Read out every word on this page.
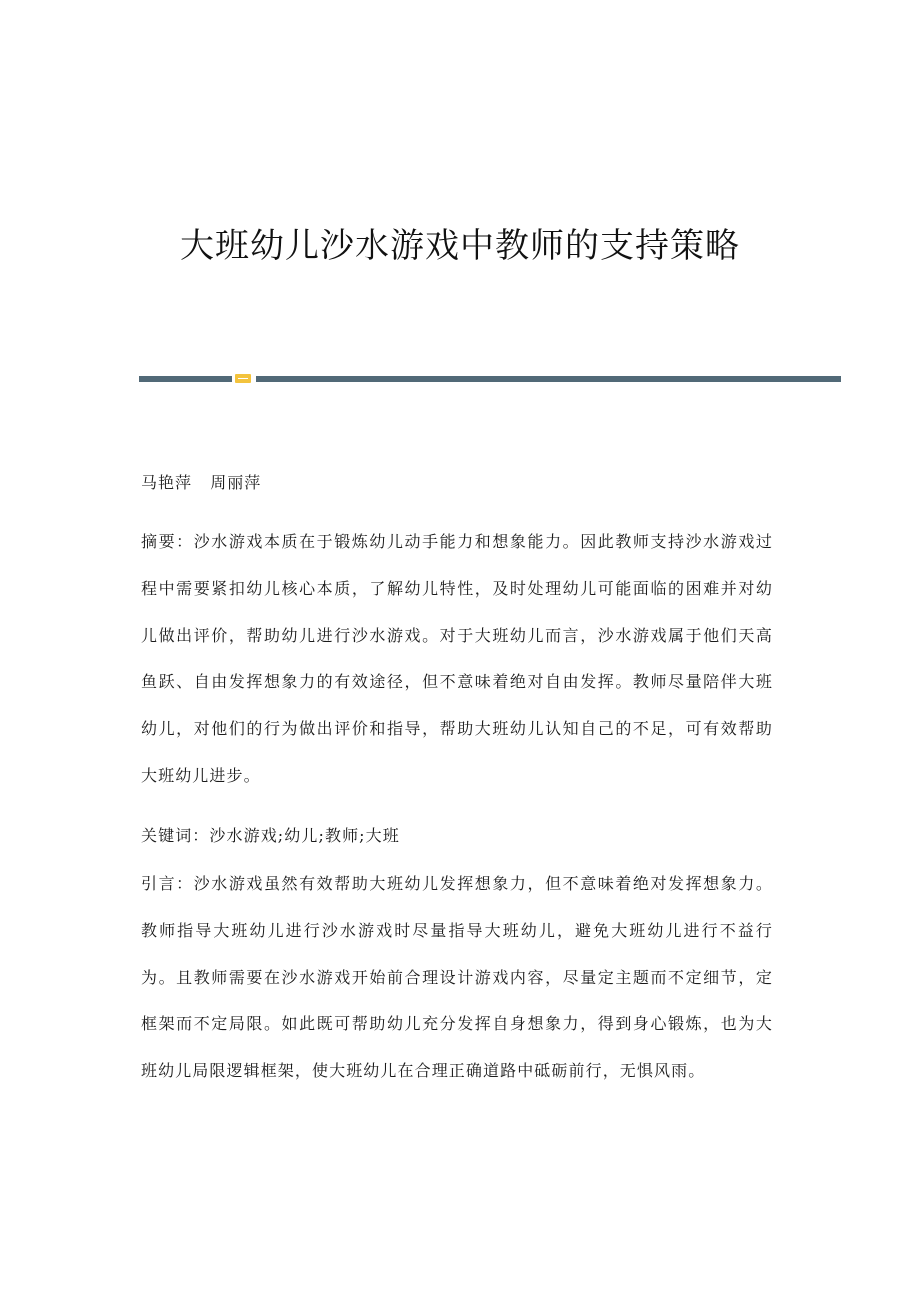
大班幼儿沙水游戏中教师的支持策略
马艳萍   周丽萍

摘要：沙水游戏本质在于锻炼幼儿动手能力和想象能力。因此教师支持沙水游戏过程中需要紧扣幼儿核心本质，了解幼儿特性，及时处理幼儿可能面临的困难并对幼儿做出评价，帮助幼儿进行沙水游戏。对于大班幼儿而言，沙水游戏属于他们天高鱼跃、自由发挥想象力的有效途径，但不意味着绝对自由发挥。教师尽量陪伴大班幼儿，对他们的行为做出评价和指导，帮助大班幼儿认知自己的不足，可有效帮助大班幼儿进步。

关键词：沙水游戏;幼儿;教师;大班

引言：沙水游戏虽然有效帮助大班幼儿发挥想象力，但不意味着绝对发挥想象力。教师指导大班幼儿进行沙水游戏时尽量指导大班幼儿，避免大班幼儿进行不益行为。且教师需要在沙水游戏开始前合理设计游戏内容，尽量定主题而不定细节，定框架而不定局限。如此既可帮助幼儿充分发挥自身想象力，得到身心锻炼，也为大班幼儿局限逻辑框架，使大班幼儿在合理正确道路中砥砺前行，无惧风雨。
